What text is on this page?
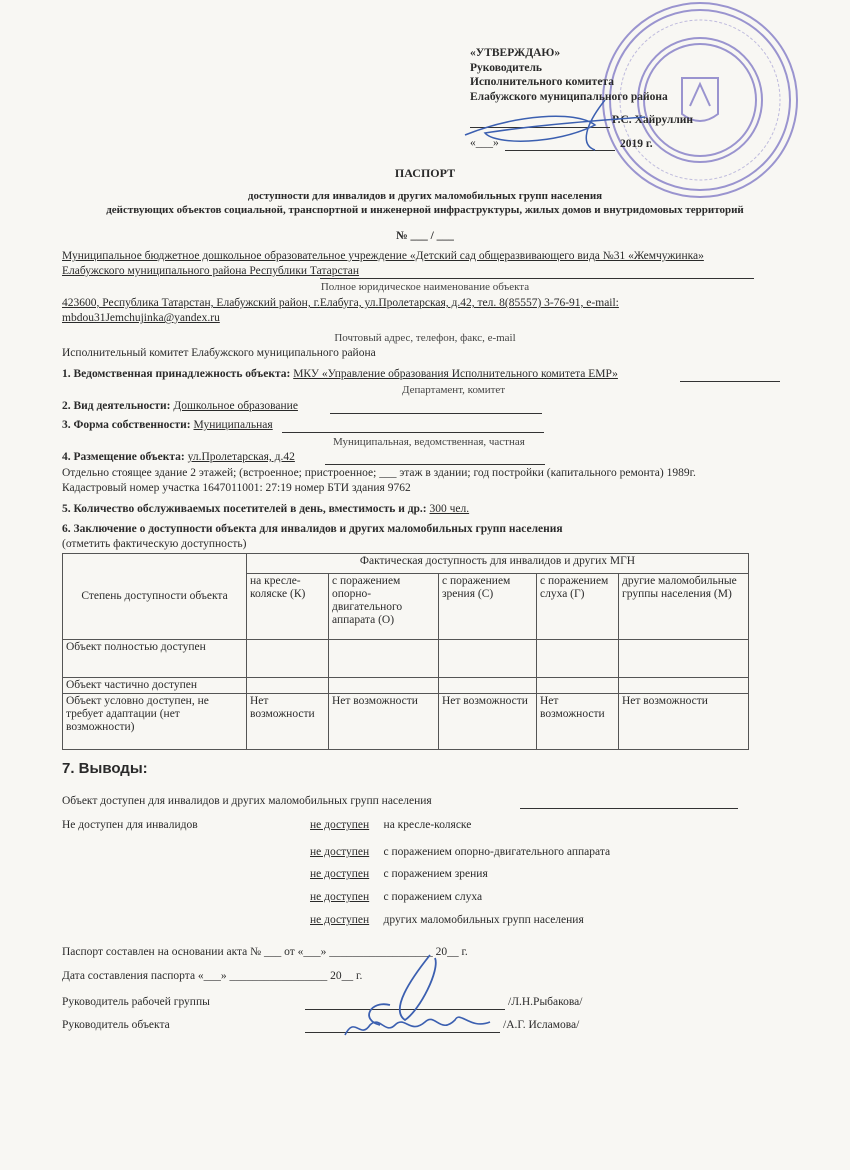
«УТВЕРЖДАЮ»
Руководитель
Исполнительного комитета
Елабужского муниципального района
Р.С. Хайруллин
«___»	2019 г.
ПАСПОРТ
доступности для инвалидов и других маломобильных групп населения
действующих объектов социальной, транспортной и инженерной инфраструктуры, жилых домов и внутридомовых территорий
№ ___ / ___
Муниципальное бюджетное дошкольное образовательное учреждение «Детский сад общеразвивающего вида №31 «Жемчужинка»
Елабужского муниципального района Республики Татарстан
Полное юридическое наименование объекта
423600, Республика Татарстан, Елабужский район, г.Елабуга, ул.Пролетарская, д.42, тел. 8(85557) 3-76-91, e-mail:
mbdou31Jemchujinka@yandex.ru
Почтовый адрес, телефон, факс, e-mail
Исполнительный комитет Елабужского муниципального района
1. Ведомственная принадлежность объекта: МКУ «Управление образования Исполнительного комитета ЕМР»
Департамент, комитет
2. Вид деятельности: Дошкольное образование
3. Форма собственности: Муниципальная
Муниципальная, ведомственная, частная
4. Размещение объекта: ул.Пролетарская, д.42
Отдельно стоящее здание 2 этажей; (встроенное; пристроенное; ___ этаж в здании; год постройки (капитального ремонта) 1989г.
Кадастровый номер участка 1647011001: 27:19 номер БТИ здания 9762
5. Количество обслуживаемых посетителей в день, вместимость и др.: 300 чел.
6. Заключение о доступности объекта для инвалидов и других маломобильных групп населения
(отметить фактическую доступность)
Степень доступности объекта	Фактическая доступность для инвалидов и других МГН				
	на кресле-коляске (К)	с поражением опорно-двигательного аппарата (О)	с поражением зрения (С)	с поражением слуха (Г)	другие маломобильные группы населения (М)
Объект полностью доступен					
Объект частично доступен					
Объект условно доступен, не требует адаптации (нет возможности)	Нет возможности	Нет возможности	Нет возможности	Нет возможности	Нет возможности
7. Выводы:
Объект доступен для инвалидов и других маломобильных групп населения
Не доступен для инвалидов	не доступен на кресле-коляске
не доступен с поражением опорно-двигательного аппарата
не доступен с поражением зрения
не доступен с поражением слуха
не доступен других маломобильных групп населения
Паспорт составлен на основании акта № ___ от «___» __________________ 20__ г.
Дата составления паспорта «___» _________________ 20__ г.
Руководитель рабочей группы	/Л.Н.Рыбакова/
Руководитель объекта	/А.Г. Исламова/
